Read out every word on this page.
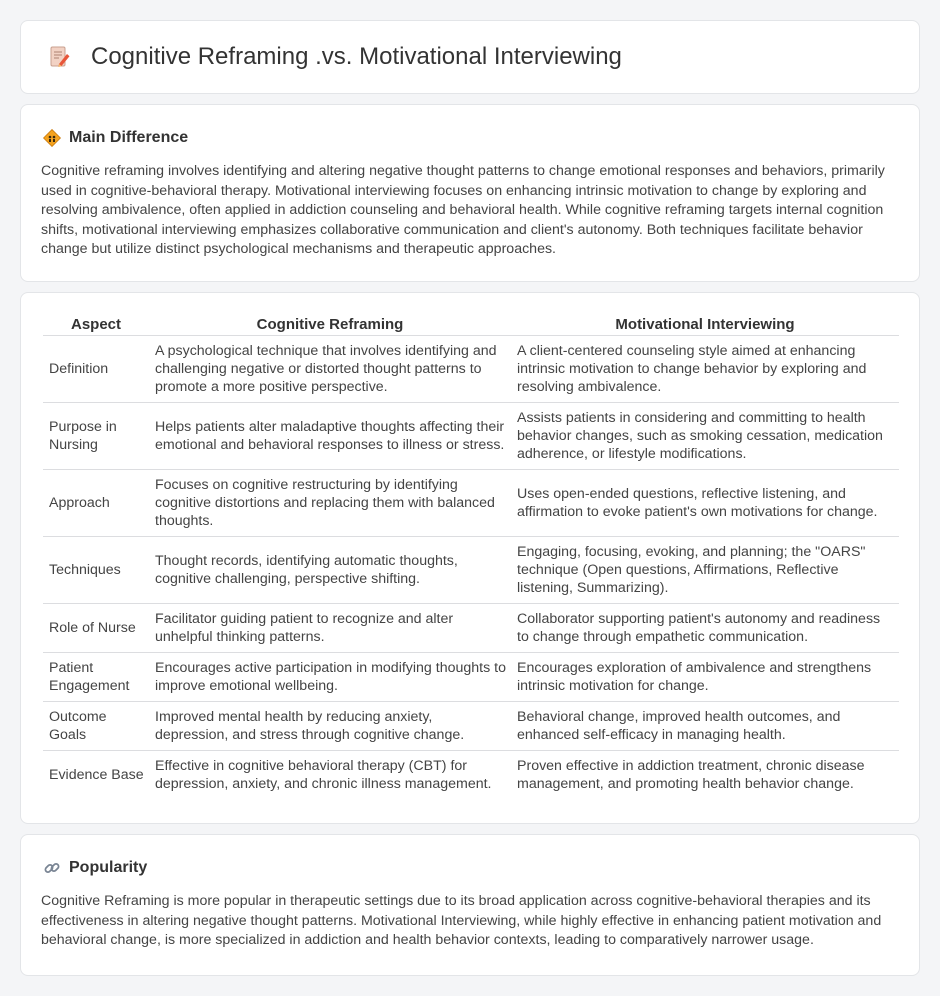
Cognitive Reframing .vs. Motivational Interviewing
Main Difference

Cognitive reframing involves identifying and altering negative thought patterns to change emotional responses and behaviors, primarily used in cognitive-behavioral therapy. Motivational interviewing focuses on enhancing intrinsic motivation to change by exploring and resolving ambivalence, often applied in addiction counseling and behavioral health. While cognitive reframing targets internal cognition shifts, motivational interviewing emphasizes collaborative communication and client's autonomy. Both techniques facilitate behavior change but utilize distinct psychological mechanisms and therapeutic approaches.

Aspect	Cognitive Reframing	Motivational Interviewing
Definition	A psychological technique that involves identifying and challenging negative or distorted thought patterns to promote a more positive perspective.	A client-centered counseling style aimed at enhancing intrinsic motivation to change behavior by exploring and resolving ambivalence.
Purpose in Nursing	Helps patients alter maladaptive thoughts affecting their emotional and behavioral responses to illness or stress.	Assists patients in considering and committing to health behavior changes, such as smoking cessation, medication adherence, or lifestyle modifications.
Approach	Focuses on cognitive restructuring by identifying cognitive distortions and replacing them with balanced thoughts.	Uses open-ended questions, reflective listening, and affirmation to evoke patient's own motivations for change.
Techniques	Thought records, identifying automatic thoughts, cognitive challenging, perspective shifting.	Engaging, focusing, evoking, and planning; the "OARS" technique (Open questions, Affirmations, Reflective listening, Summarizing).
Role of Nurse	Facilitator guiding patient to recognize and alter unhelpful thinking patterns.	Collaborator supporting patient's autonomy and readiness to change through empathetic communication.
Patient Engagement	Encourages active participation in modifying thoughts to improve emotional wellbeing.	Encourages exploration of ambivalence and strengthens intrinsic motivation for change.
Outcome Goals	Improved mental health by reducing anxiety, depression, and stress through cognitive change.	Behavioral change, improved health outcomes, and enhanced self-efficacy in managing health.
Evidence Base	Effective in cognitive behavioral therapy (CBT) for depression, anxiety, and chronic illness management.	Proven effective in addiction treatment, chronic disease management, and promoting health behavior change.
Popularity

Cognitive Reframing is more popular in therapeutic settings due to its broad application across cognitive-behavioral therapies and its effectiveness in altering negative thought patterns. Motivational Interviewing, while highly effective in enhancing patient motivation and behavioral change, is more specialized in addiction and health behavior contexts, leading to comparatively narrower usage.
